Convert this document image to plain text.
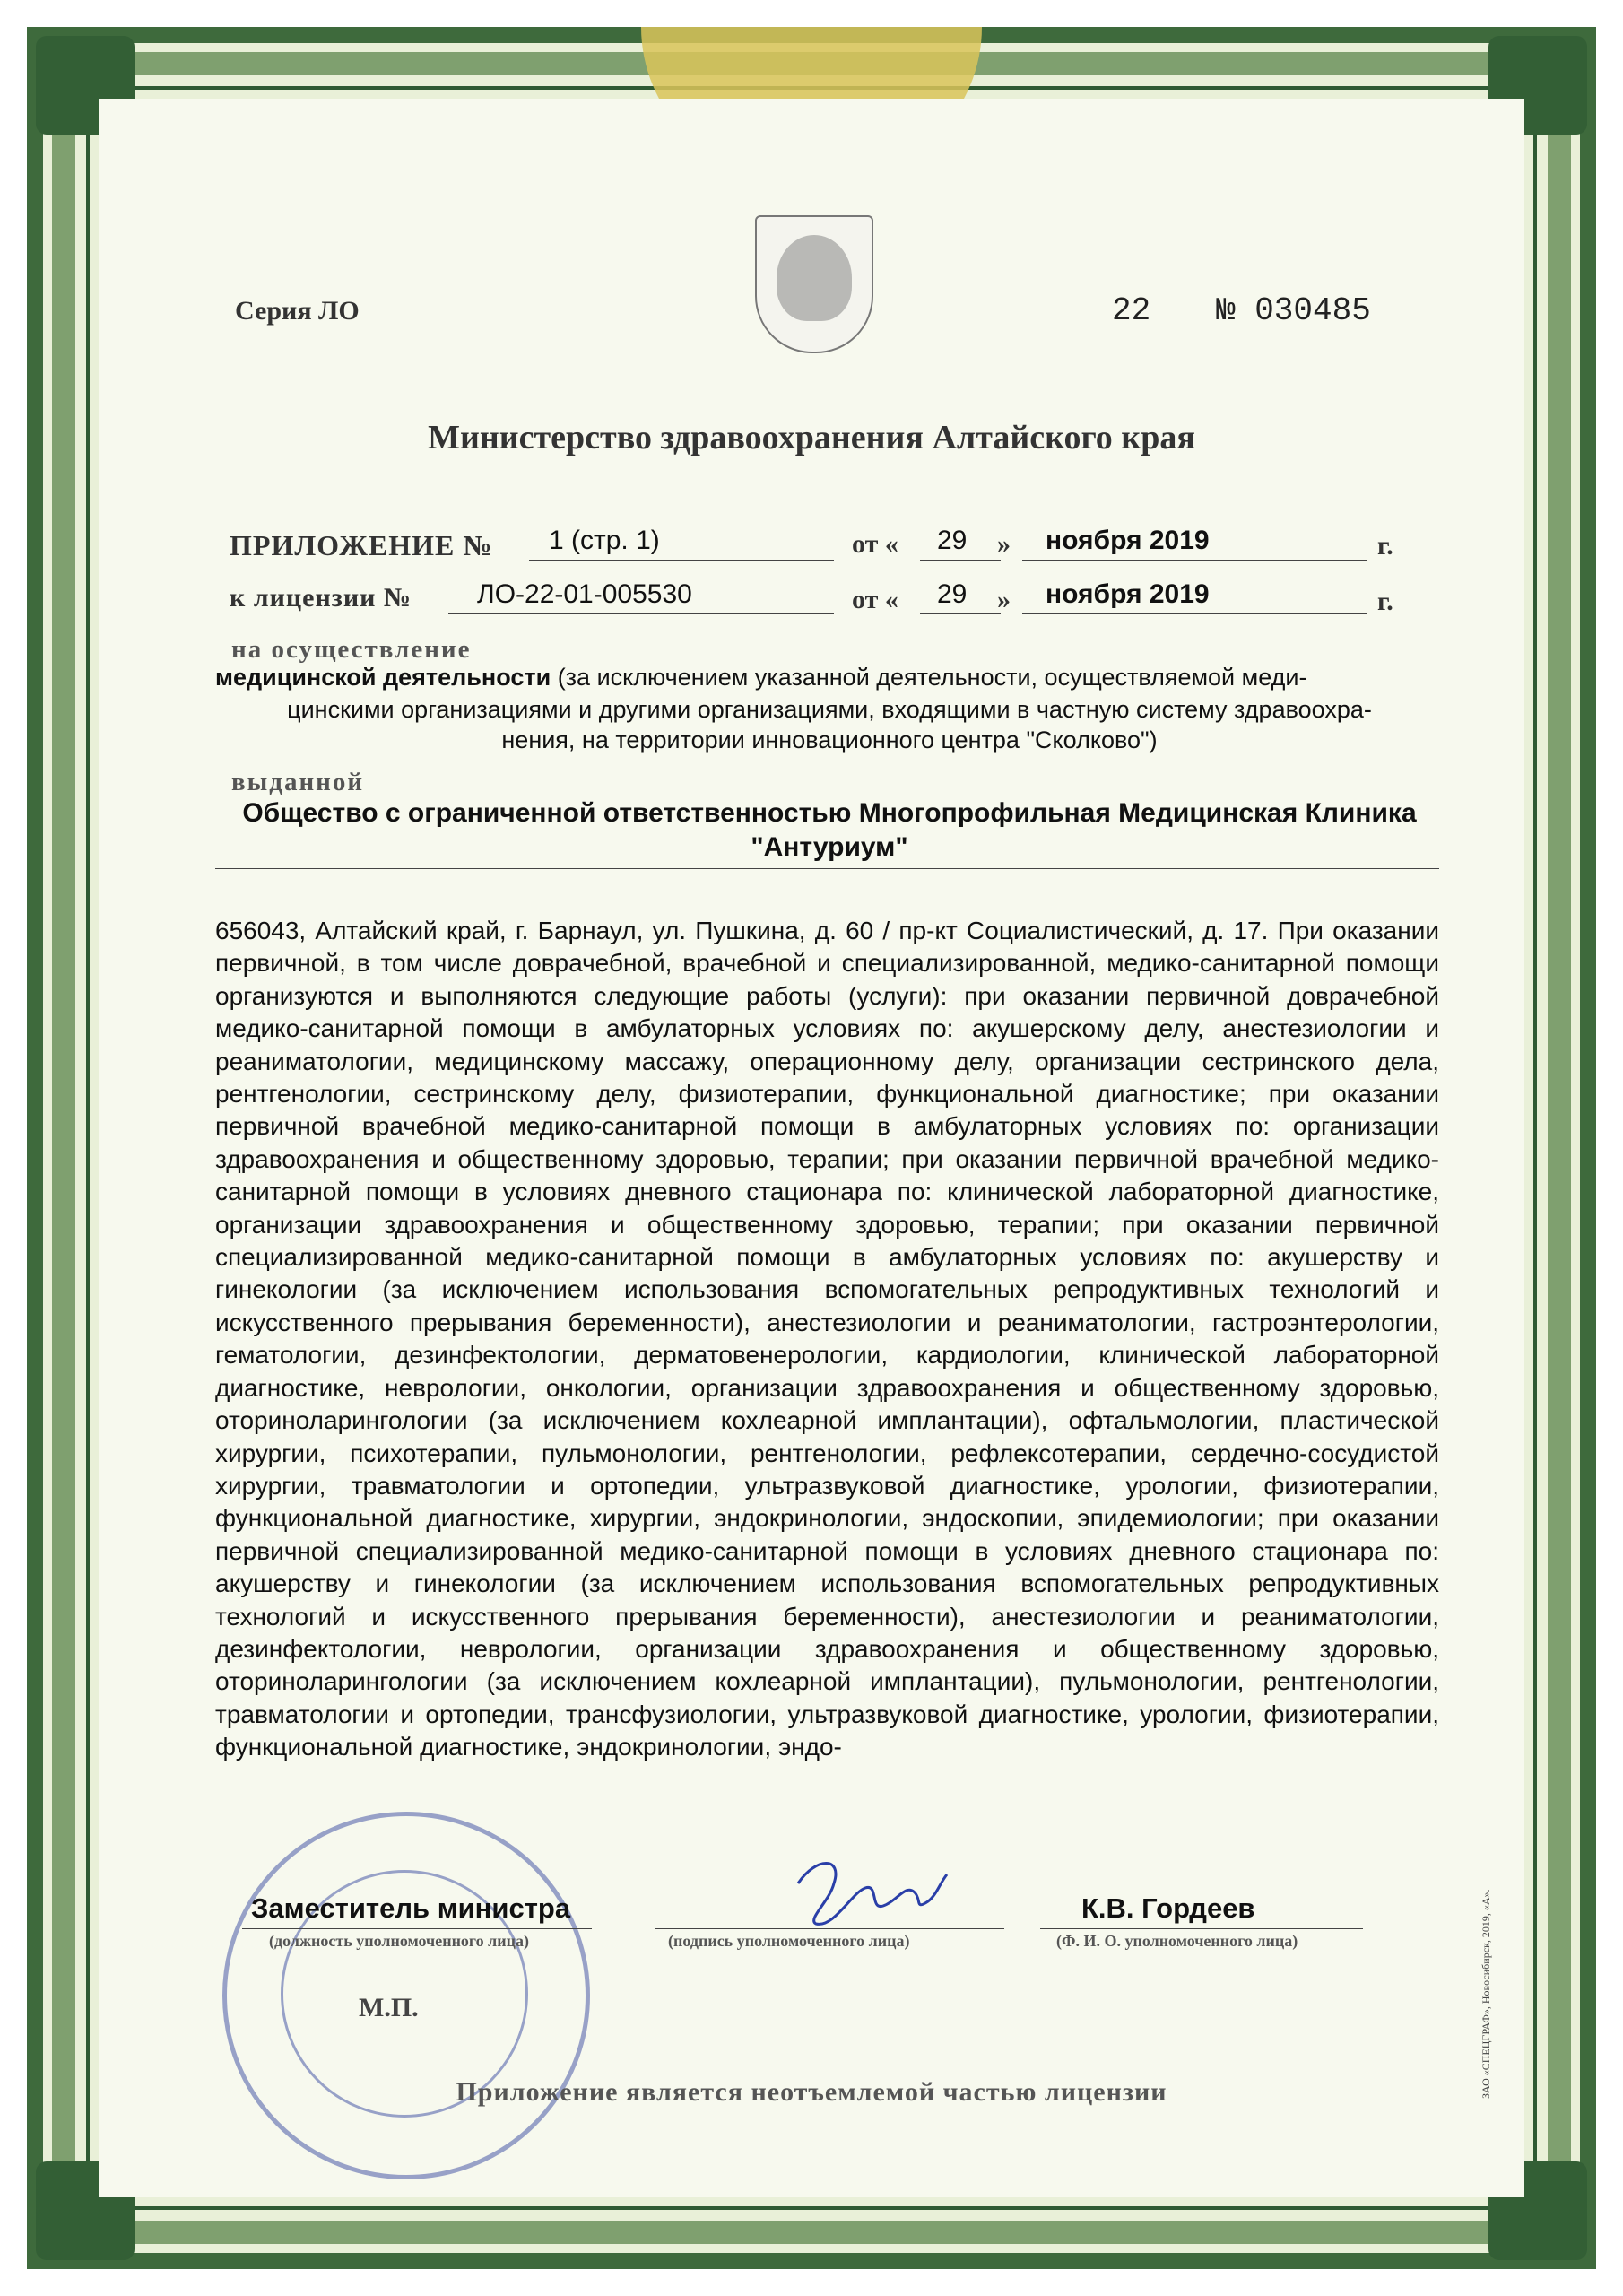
Серия ЛО	22 № 030485
Министерство здравоохранения Алтайского края
ПРИЛОЖЕНИЕ № 1 (стр. 1)	от « 29 » ноября 2019	г.
к лицензии № ЛО-22-01-005530	от « 29 » ноября 2019	г.
на осуществление
медицинской деятельности (за исключением указанной деятельности, осуществляемой меди-
цинскими организациями и другими организациями, входящими в частную систему здравоохра-
нения, на территории инновационного центра "Сколково")
выданной
Общество с ограниченной ответственностью Многопрофильная Медицинская Клиника
"Антуриум"

656043, Алтайский край, г. Барнаул, ул. Пушкина, д. 60 / пр-кт Социалистический, д. 17. При оказании первичной, в том числе доврачебной, врачебной и специализированной, медико-санитарной помощи организуются и выполняются следующие работы (услуги): при оказании первичной доврачебной медико-санитарной помощи в амбулаторных условиях по: акушерскому делу, анестезиологии и реаниматологии, медицинскому массажу, операционному делу, организации сестринского дела, рентгенологии, сестринскому делу, физиотерапии, функциональной диагностике; при оказании первичной врачебной медико-санитарной помощи в амбулаторных условиях по: организации здравоохранения и общественному здоровью, терапии; при оказании первичной врачебной медико-санитарной помощи в условиях дневного стационара по: клинической лабораторной диагностике, организации здравоохранения и общественному здоровью, терапии; при оказании первичной специализированной медико-санитарной помощи в амбулаторных условиях по: акушерству и гинекологии (за исключением использования вспомогательных репродуктивных технологий и искусственного прерывания беременности), анестезиологии и реаниматологии, гастроэнтерологии, гематологии, дезинфектологии, дерматовенерологии, кардиологии, клинической лабораторной диагностике, неврологии, онкологии, организации здравоохранения и общественному здоровью, оториноларингологии (за исключением кохлеарной имплантации), офтальмологии, пластической хирургии, психотерапии, пульмонологии, рентгенологии, рефлексотерапии, сердечно-сосудистой хирургии, травматологии и ортопедии, ультразвуковой диагностике, урологии, физиотерапии, функциональной диагностике, хирургии, эндокринологии, эндоскопии, эпидемиологии; при оказании первичной специализированной медико-санитарной помощи в условиях дневного стационара по: акушерству и гинекологии (за исключением использования вспомогательных репродуктивных технологий и искусственного прерывания беременности), анестезиологии и реаниматологии, дезинфектологии, неврологии, организации здравоохранения и общественному здоровью, оториноларингологии (за исключением кохлеарной имплантации), пульмонологии, рентгенологии, травматологии и ортопедии, трансфузиологии, ультразвуковой диагностике, урологии, физиотерапии, функциональной диагностике, эндокринологии, эндо-

Заместитель министра
(должность уполномоченного лица)	(подпись уполномоченного лица)
К.В. Гордеев
(Ф. И. О. уполномоченного лица)
М.П.
Приложение является неотъемлемой частью лицензии	ЗАО «СПЕЦГРАФ», Новосибирск, 2019, «А».
